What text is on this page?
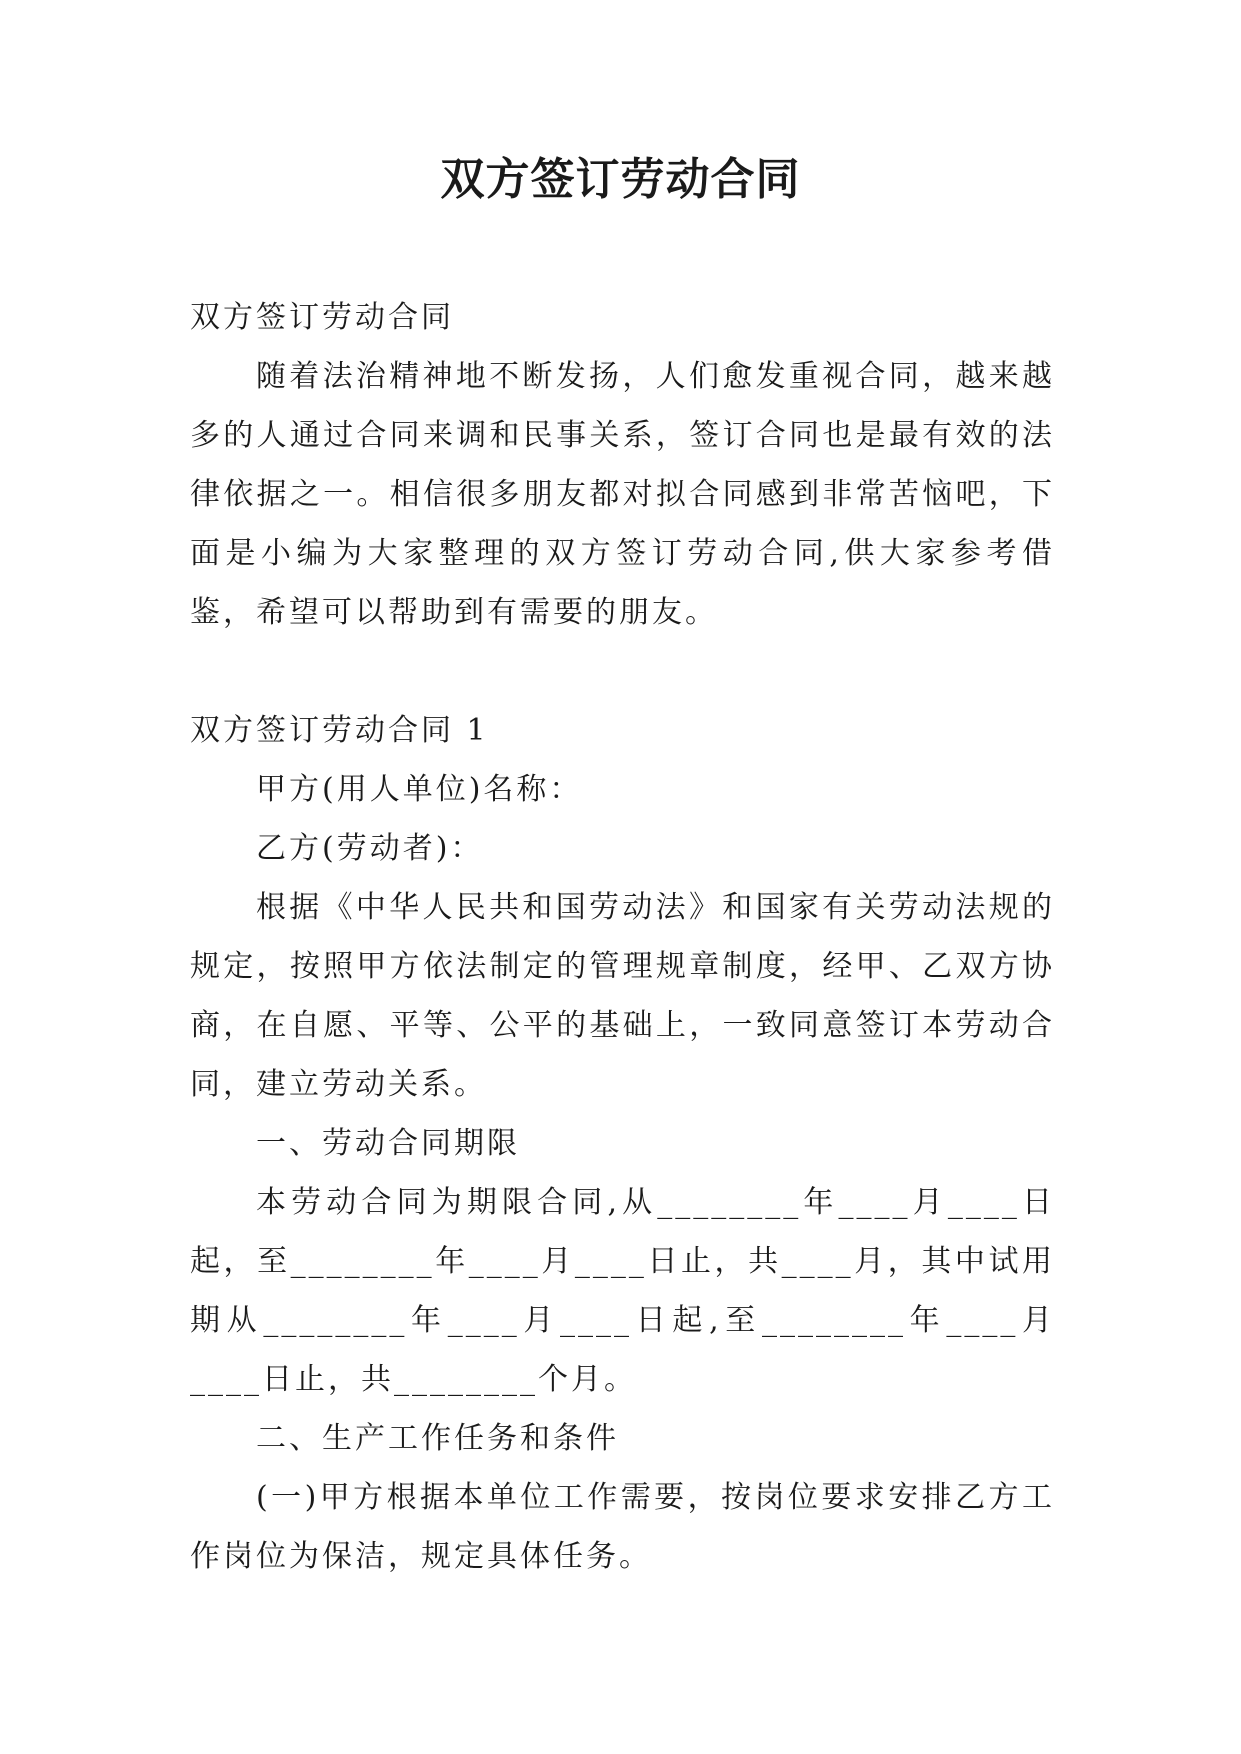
双方签订劳动合同

双方签订劳动合同

随着法治精神地不断发扬，人们愈发重视合同，越来越多的人通过合同来调和民事关系，签订合同也是最有效的法律依据之一。相信很多朋友都对拟合同感到非常苦恼吧，下面是小编为大家整理的双方签订劳动合同,供大家参考借鉴，希望可以帮助到有需要的朋友。

双方签订劳动合同 1

甲方(用人单位)名称：

乙方(劳动者)：

根据《中华人民共和国劳动法》和国家有关劳动法规的规定，按照甲方依法制定的管理规章制度，经甲、乙双方协商，在自愿、平等、公平的基础上，一致同意签订本劳动合同，建立劳动关系。

一、劳动合同期限

本劳动合同为期限合同,从________年____月____日起，至________年____月____日止，共____月，其中试用期从________年____月____日起,至________年____月____日止，共________个月。

二、生产工作任务和条件

(一)甲方根据本单位工作需要，按岗位要求安排乙方工作岗位为保洁，规定具体任务。
